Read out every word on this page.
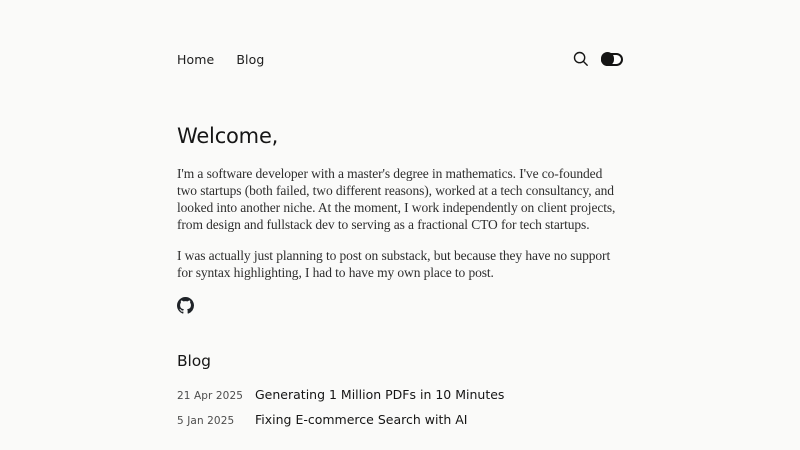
Home Blog
Welcome,

I'm a software developer with a master's degree in mathematics. I've co-founded two startups (both failed, two different reasons), worked at a tech consultancy, and looked into another niche. At the moment, I work independently on client projects, from design and fullstack dev to serving as a fractional CTO for tech startups.

I was actually just planning to post on substack, but because they have no support for syntax highlighting, I had to have my own place to post.

Blog
21 Apr 2025 Generating 1 Million PDFs in 10 Minutes
5 Jan 2025	Fixing E-commerce Search with AI
